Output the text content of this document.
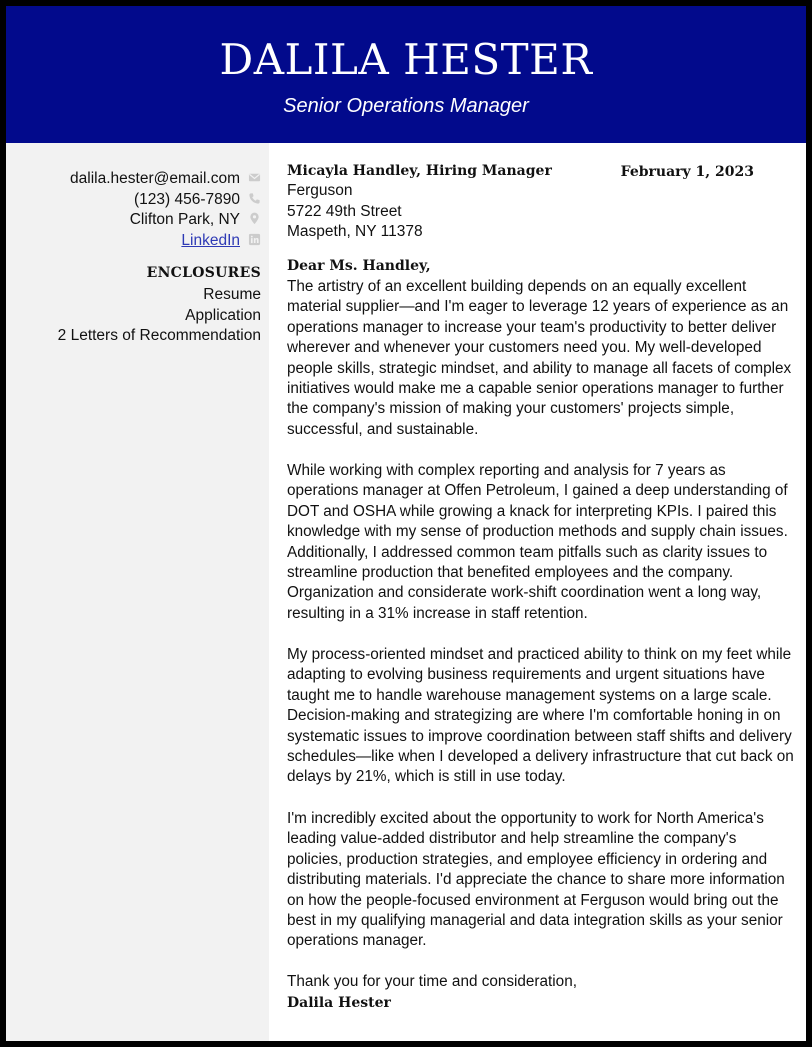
DALILA HESTER
Senior Operations Manager
dalila.hester@email.com
(123) 456-7890
Clifton Park, NY
LinkedIn
ENCLOSURES
Resume
Application
2 Letters of Recommendation
Micayla Handley, Hiring Manager
Ferguson
5722 49th Street
Maspeth, NY 11378
February 1, 2023
Dear Ms. Handley,
The artistry of an excellent building depends on an equally excellent material supplier—and I'm eager to leverage 12 years of experience as an operations manager to increase your team's productivity to better deliver wherever and whenever your customers need you. My well-developed people skills, strategic mindset, and ability to manage all facets of complex initiatives would make me a capable senior operations manager to further the company's mission of making your customers' projects simple, successful, and sustainable.
While working with complex reporting and analysis for 7 years as operations manager at Offen Petroleum, I gained a deep understanding of DOT and OSHA while growing a knack for interpreting KPIs. I paired this knowledge with my sense of production methods and supply chain issues. Additionally, I addressed common team pitfalls such as clarity issues to streamline production that benefited employees and the company. Organization and considerate work-shift coordination went a long way, resulting in a 31% increase in staff retention.
My process-oriented mindset and practiced ability to think on my feet while adapting to evolving business requirements and urgent situations have taught me to handle warehouse management systems on a large scale. Decision-making and strategizing are where I'm comfortable honing in on systematic issues to improve coordination between staff shifts and delivery schedules—like when I developed a delivery infrastructure that cut back on delays by 21%, which is still in use today.
I'm incredibly excited about the opportunity to work for North America's leading value-added distributor and help streamline the company's policies, production strategies, and employee efficiency in ordering and distributing materials. I'd appreciate the chance to share more information on how the people-focused environment at Ferguson would bring out the best in my qualifying managerial and data integration skills as your senior operations manager.
Thank you for your time and consideration,
Dalila Hester
